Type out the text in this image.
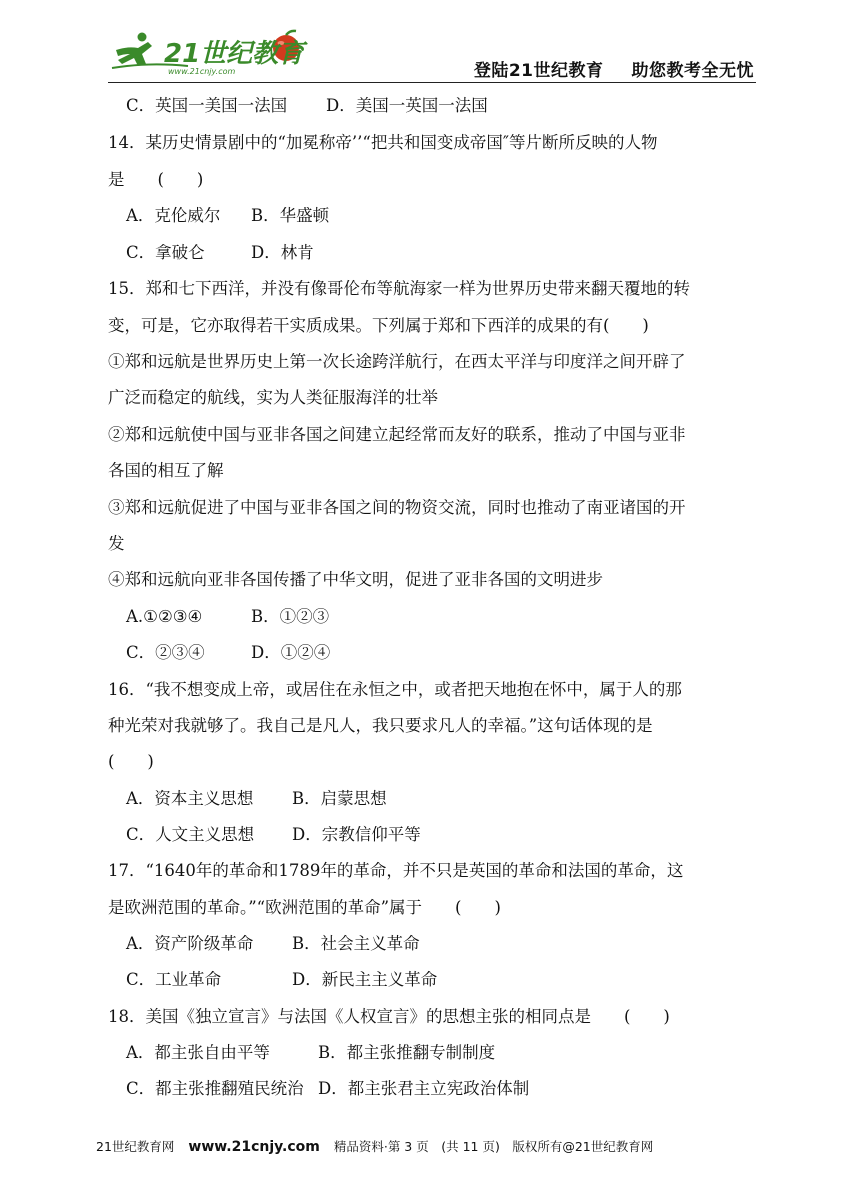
21世纪教育
www.21cnjy.com	登陆21世纪教育 助您教考全无忧
C．英国一美国一法国 D．美国一英国一法国
14．某历史情景剧中的“加冕称帝’’“把共和国变成帝国″等片断所反映的人物
是　　(　　)
A．克伦威尔 B．华盛顿
C．拿破仑	D．林肯
15．郑和七下西洋，并没有像哥伦布等航海家一样为世界历史带来翻天覆地的转
变，可是，它亦取得若干实质成果。下列属于郑和下西洋的成果的有(　　)
①郑和远航是世界历史上第一次长途跨洋航行，在西太平洋与印度洋之间开辟了
广泛而稳定的航线，实为人类征服海洋的壮举
②郑和远航使中国与亚非各国之间建立起经常而友好的联系，推动了中国与亚非
各国的相互了解
③郑和远航促进了中国与亚非各国之间的物资交流，同时也推动了南亚诸国的开
发
④郑和远航向亚非各国传播了中华文明，促进了亚非各国的文明进步
A.①②③④	B．①②③
C．②③④	D．①②④
16．“我不想变成上帝，或居住在永恒之中，或者把天地抱在怀中，属于人的那
种光荣对我就够了。我自己是凡人，我只要求凡人的幸福。”这句话体现的是
(　　)
A．资本主义思想 B．启蒙思想
C．人文主义思想 D．宗教信仰平等
17．“1640年的革命和1789年的革命，并不只是英国的革命和法国的革命，这
是欧洲范围的革命。”“欧洲范围的革命”属于　　(　　)
A．资产阶级革命 B．社会主义革命
C．工业革命	D．新民主主义革命
18．美国《独立宣言》与法国《人权宣言》的思想主张的相同点是　　(　　)
A．都主张自由平等	B．都主张推翻专制制度
C．都主张推翻殖民统治 D．都主张君主立宪政治体制
21世纪教育网 www.21cnjy.com 精品资料·第 3 页　(共 11 页)　版权所有@21世纪教育网
